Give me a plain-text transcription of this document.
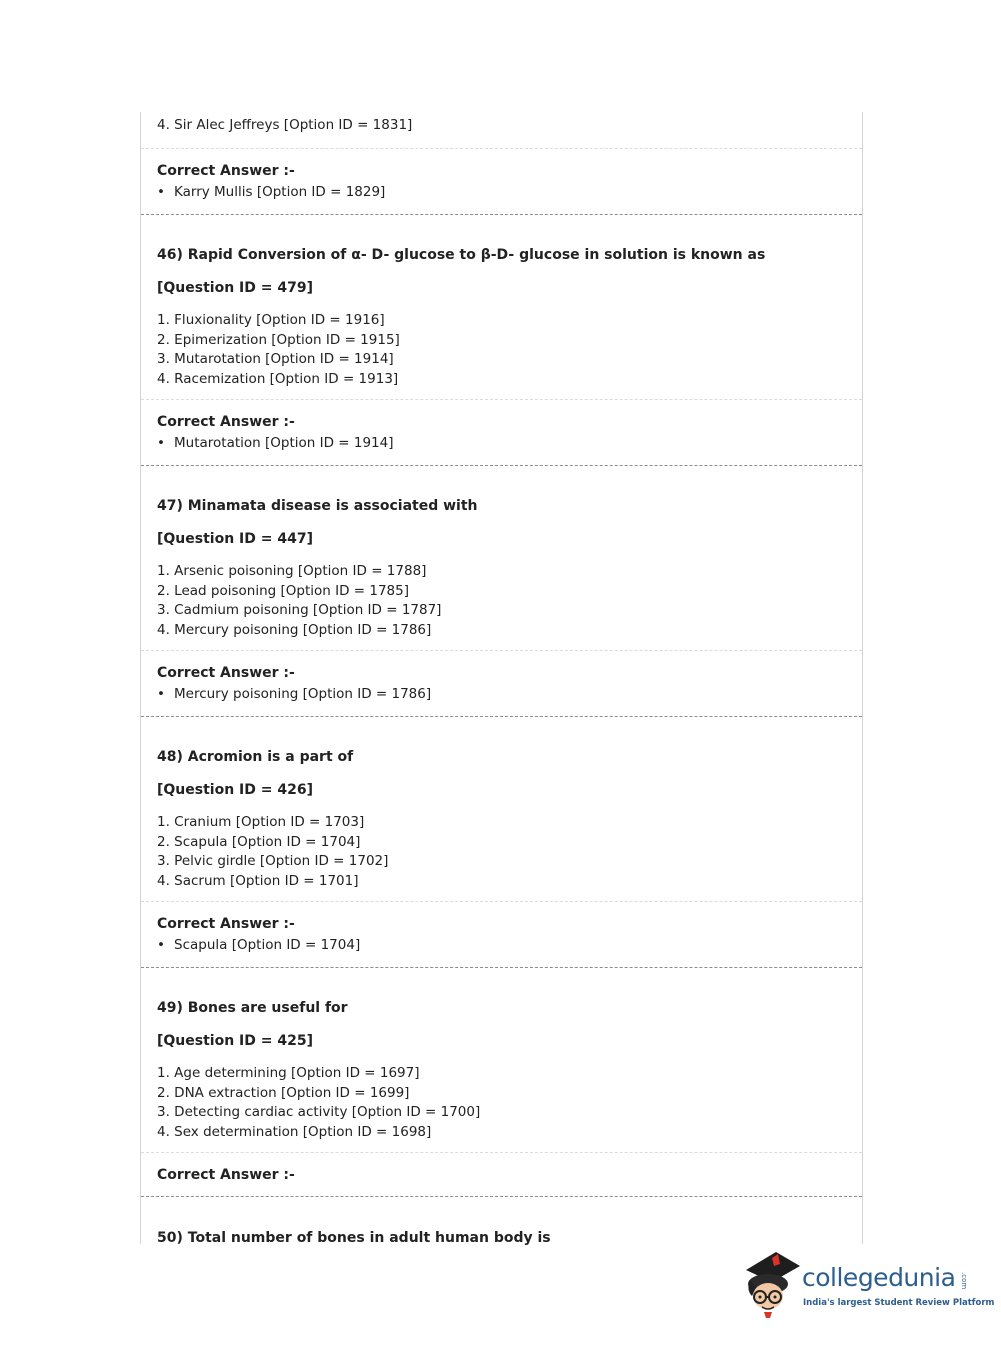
4. Sir Alec Jeffreys [Option ID = 1831]
Correct Answer :-
• Karry Mullis [Option ID = 1829]
46) Rapid Conversion of α- D- glucose to β-D- glucose in solution is known as
[Question ID = 479]
1. Fluxionality [Option ID = 1916]
2. Epimerization [Option ID = 1915]
3. Mutarotation [Option ID = 1914]
4. Racemization [Option ID = 1913]
Correct Answer :-
• Mutarotation [Option ID = 1914]
47) Minamata disease is associated with
[Question ID = 447]
1. Arsenic poisoning [Option ID = 1788]
2. Lead poisoning [Option ID = 1785]
3. Cadmium poisoning [Option ID = 1787]
4. Mercury poisoning [Option ID = 1786]
Correct Answer :-
• Mercury poisoning [Option ID = 1786]
48) Acromion is a part of
[Question ID = 426]
1. Cranium [Option ID = 1703]
2. Scapula [Option ID = 1704]
3. Pelvic girdle [Option ID = 1702]
4. Sacrum [Option ID = 1701]
Correct Answer :-
• Scapula [Option ID = 1704]
49) Bones are useful for
[Question ID = 425]
1. Age determining [Option ID = 1697]
2. DNA extraction [Option ID = 1699]
3. Detecting cardiac activity [Option ID = 1700]
4. Sex determination [Option ID = 1698]
Correct Answer :-
50) Total number of bones in adult human body is
collegedunia .com
India's largest Student Review Platform
